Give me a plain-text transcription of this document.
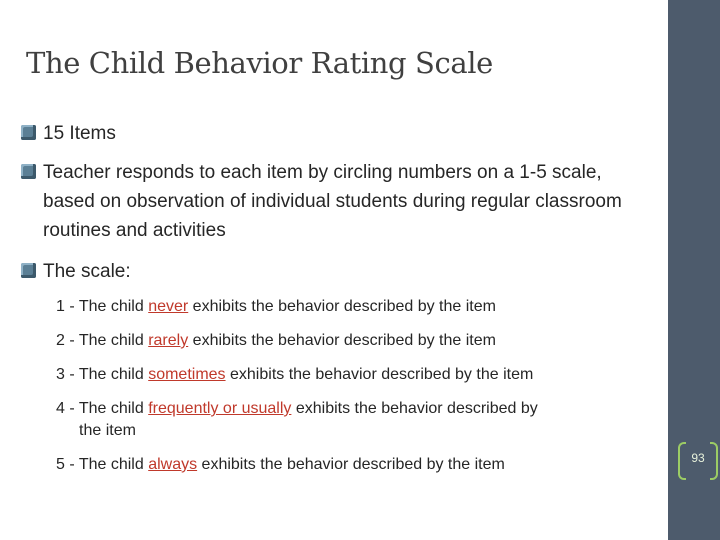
The Child Behavior Rating Scale
15 Items
Teacher responds to each item by circling numbers on a 1-5 scale, based on observation of individual students during regular classroom routines and activities
The scale:
1 - The child never exhibits the behavior described by the item
2 - The child rarely exhibits the behavior described by the item
3 - The child sometimes exhibits the behavior described by the item
4 - The child frequently or usually exhibits the behavior described by
the item
5 - The child always exhibits the behavior described by the item	93
